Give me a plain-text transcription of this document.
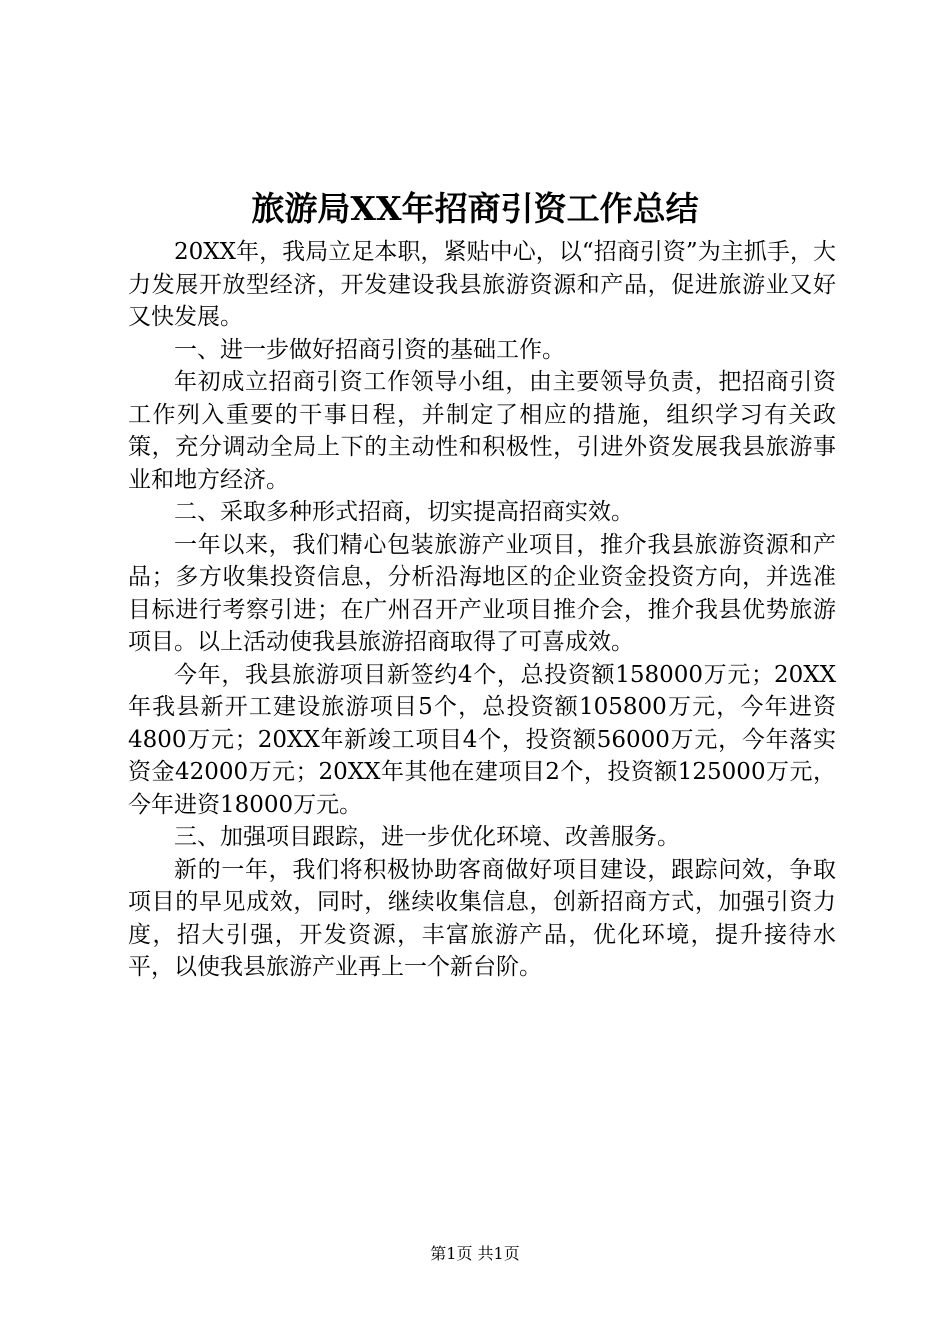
旅游局XX年招商引资工作总结

20XX年，我局立足本职，紧贴中心，以“招商引资”为主抓手，大力发展开放型经济，开发建设我县旅游资源和产品，促进旅游业又好又快发展。

一、进一步做好招商引资的基础工作。

年初成立招商引资工作领导小组，由主要领导负责，把招商引资工作列入重要的干事日程，并制定了相应的措施，组织学习有关政策，充分调动全局上下的主动性和积极性，引进外资发展我县旅游事业和地方经济。

二、采取多种形式招商，切实提高招商实效。

一年以来，我们精心包装旅游产业项目，推介我县旅游资源和产品；多方收集投资信息，分析沿海地区的企业资金投资方向，并选准目标进行考察引进；在广州召开产业项目推介会，推介我县优势旅游项目。以上活动使我县旅游招商取得了可喜成效。

今年，我县旅游项目新签约4个，总投资额158000万元；20XX年我县新开工建设旅游项目5个，总投资额105800万元，今年进资4800万元；20XX年新竣工项目4个，投资额56000万元，今年落实资金42000万元；20XX年其他在建项目2个，投资额125000万元，今年进资18000万元。

三、加强项目跟踪，进一步优化环境、改善服务。

新的一年，我们将积极协助客商做好项目建设，跟踪问效，争取项目的早见成效，同时，继续收集信息，创新招商方式，加强引资力度，招大引强，开发资源，丰富旅游产品，优化环境，提升接待水平，以使我县旅游产业再上一个新台阶。

第1页 共1页
